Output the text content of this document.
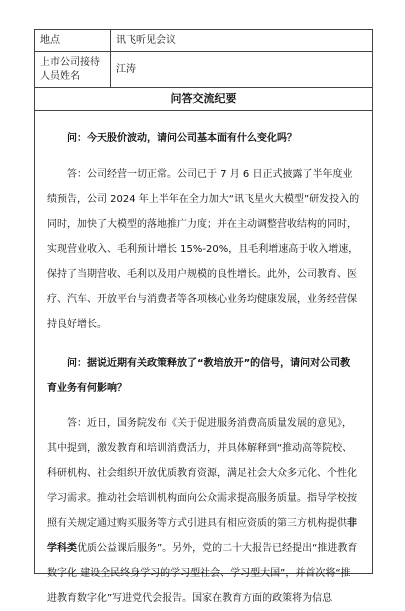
地点	讯飞听见会议
上市公司接待人员姓名
江涛
问答交流纪要

问：今天股价波动，请问公司基本面有什么变化吗？

答：公司经营一切正常。公司已于 7 月 6 日正式披露了半年度业绩预告，公司 2024 年上半年在全力加大“讯飞星火大模型”研发投入的同时，加快了大模型的落地推广力度；并在主动调整营收结构的同时，实现营业收入、毛利预计增长 15%-20%，且毛利增速高于收入增速，保持了当期营收、毛利以及用户规模的良性增长。此外，公司教育、医疗、汽车、开放平台与消费者等各项核心业务均健康发展，业务经营保持良好增长。

问：据说近期有关政策释放了“教培放开”的信号，请问对公司教育业务有何影响？

答：近日，国务院发布《关于促进服务消费高质量发展的意见》，其中提到，激发教育和培训消费活力，并具体解释到“推动高等院校、科研机构、社会组织开放优质教育资源，满足社会大众多元化、个性化学习需求。推动社会培训机构面向公众需求提高服务质量。指导学校按照有关规定通过购买服务等方式引进具有相应资质的第三方机构提供非学科类优质公益课后服务”。另外，党的二十大报告已经提出“推进教育数字化 建设全民终身学习的学习型社会、学习型大国”，并首次将“推进教育数字化”写进党代会报告。国家在教育方面的政策将为信息
